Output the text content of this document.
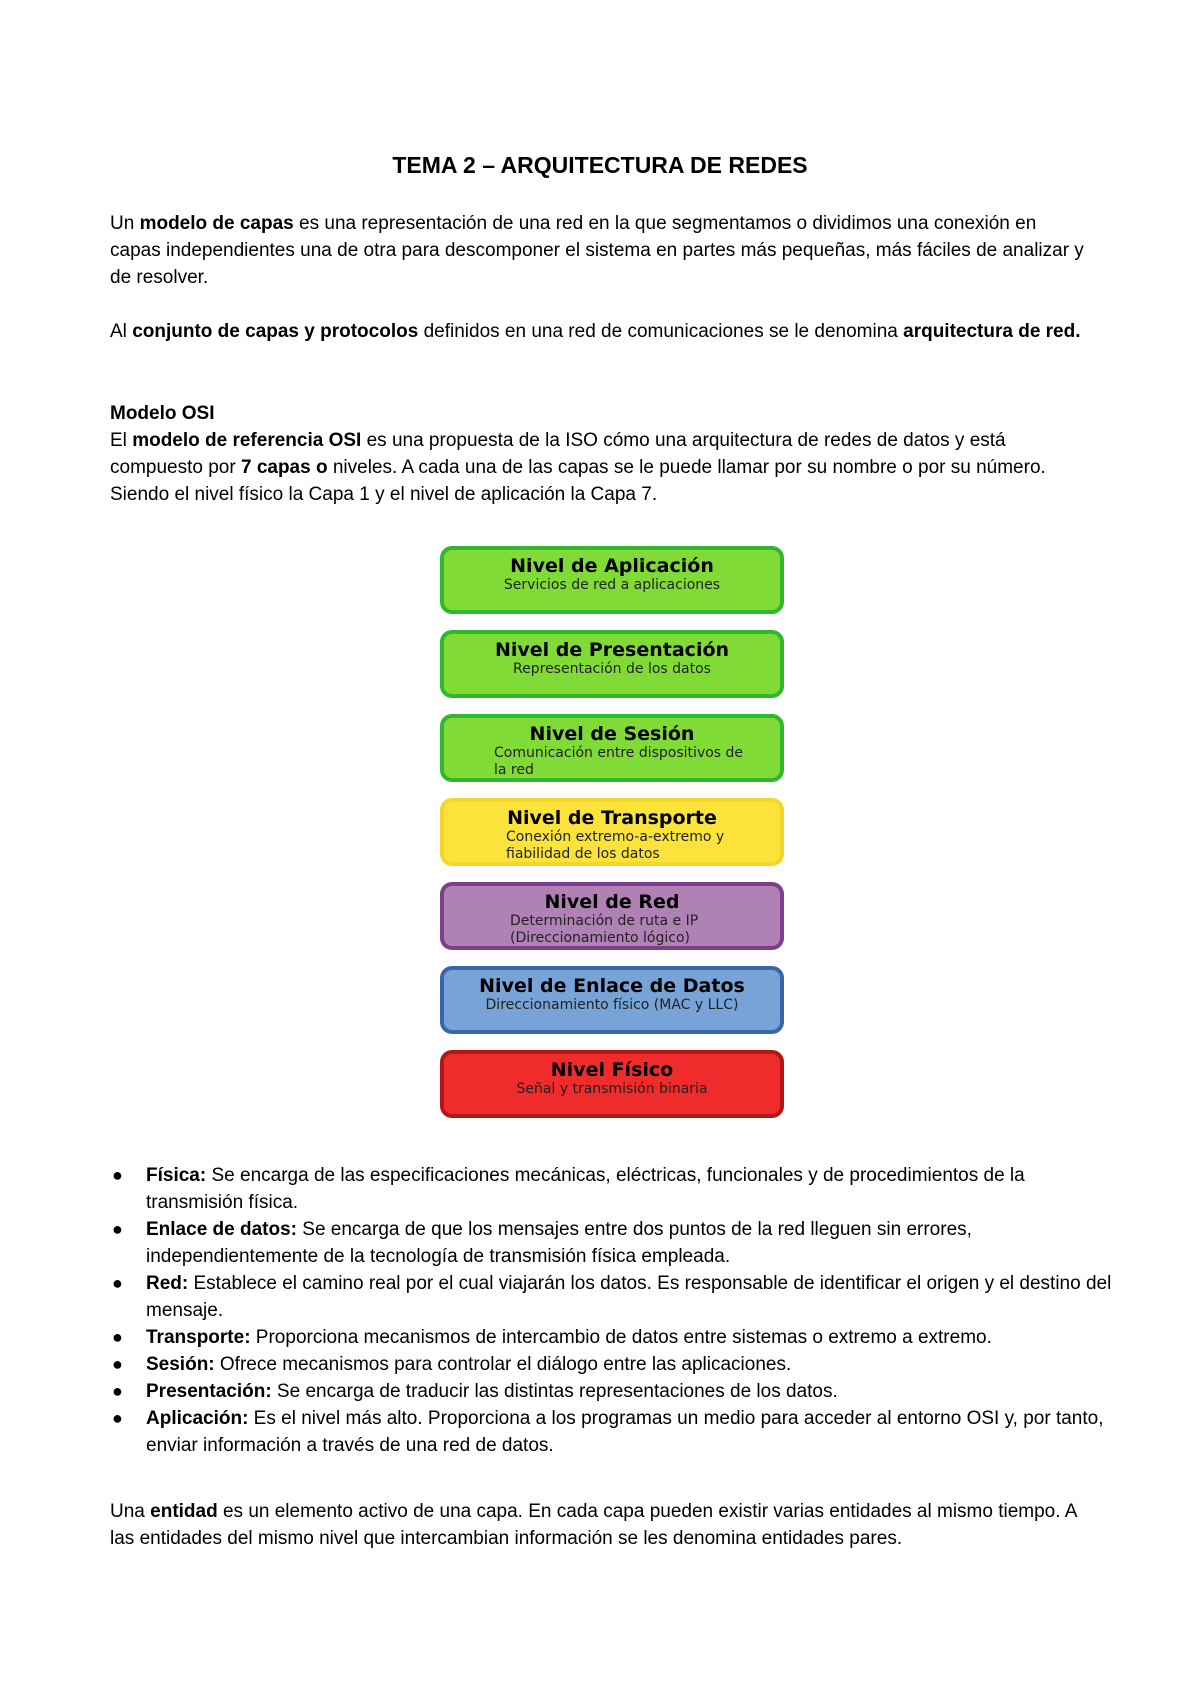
TEMA 2 – ARQUITECTURA DE REDES

Un modelo de capas es una representación de una red en la que segmentamos o dividimos una conexión en capas independientes una de otra para descomponer el sistema en partes más pequeñas, más fáciles de analizar y de resolver.

Al conjunto de capas y protocolos definidos en una red de comunicaciones se le denomina arquitectura de red.

Modelo OSI

El modelo de referencia OSI es una propuesta de la ISO cómo una arquitectura de redes de datos y está compuesto por 7 capas o niveles. A cada una de las capas se le puede llamar por su nombre o por su número. Siendo el nivel físico la Capa 1 y el nivel de aplicación la Capa 7.

Nivel de Aplicación
Servicios de red a aplicaciones
Nivel de Presentación
Representación de los datos
Nivel de Sesión
Comunicación entre dispositivos de la red
Nivel de Transporte
Conexión extremo-a-extremo y fiabilidad de los datos
Nivel de Red
Determinación de ruta e IP (Direccionamiento lógico)
Nivel de Enlace de Datos
Direccionamiento físico (MAC y LLC)
Nivel Físico
Señal y transmisión binaria
● Física: Se encarga de las especificaciones mecánicas, eléctricas, funcionales y de procedimientos de la transmisión física.
● Enlace de datos: Se encarga de que los mensajes entre dos puntos de la red lleguen sin errores, independientemente de la tecnología de transmisión física empleada.
● Red: Establece el camino real por el cual viajarán los datos. Es responsable de identificar el origen y el destino del mensaje.
● Transporte: Proporciona mecanismos de intercambio de datos entre sistemas o extremo a extremo.
● Sesión: Ofrece mecanismos para controlar el diálogo entre las aplicaciones.
● Presentación: Se encarga de traducir las distintas representaciones de los datos.
● Aplicación: Es el nivel más alto. Proporciona a los programas un medio para acceder al entorno OSI y, por tanto, enviar información a través de una red de datos.

Una entidad es un elemento activo de una capa. En cada capa pueden existir varias entidades al mismo tiempo. A las entidades del mismo nivel que intercambian información se les denomina entidades pares.
